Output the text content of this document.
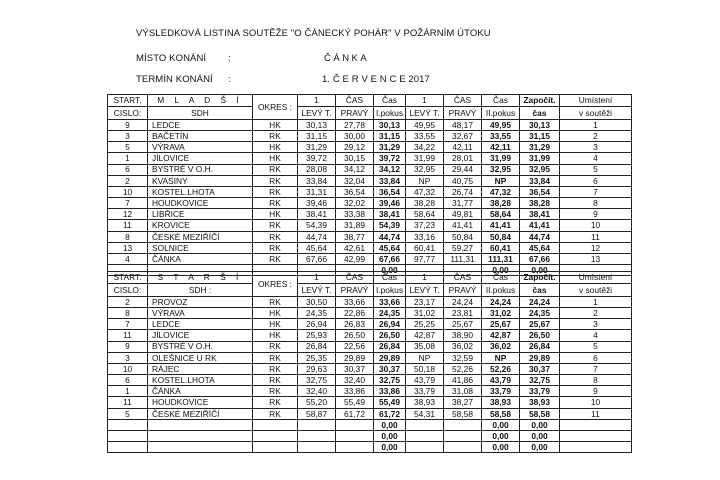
VÝSLEDKOVÁ LISTINA SOUTĚŽE "O ČÁNECKÝ POHÁR" V POŽÁRNÍM ÚTOKU
MÍSTO KONÁNÍ :	ČÁNKA
TERMÍN KONÁNÍ :	1. Č E R V E N C E 2017
START.	M L A D Š Í	OKRES :	1	ČAS	Čas	1	ČAS	Čas	Započít.	Umístení
CISLO:	SDH		LEVÝ T.	PRAVÝ	I.pokus	LEVÝ T.	PRAVÝ	II.pokus	čas	v soutěži
9	LEDCE	HK	30,13	27,78	30,13	49,95	48,17	49,95	30,13	1
3	BAČETÍN	RK	31,15	30,00	31,15	33,55	32,67	33,55	31,15	2
5	VÝRAVA	HK	31,29	29,12	31,29	34,22	42,11	42,11	31,29	3
1	JÍLOVICE	HK	39,72	30,15	39,72	31,99	28,01	31,99	31,99	4
6	BYSTRÉ V O.H.	RK	28,08	34,12	34,12	32,95	29,44	32,95	32,95	5
2	KVASINY	RK	33,84	32,04	33,84	NP	40,75	NP	33,84	6
10	KOSTEL.LHOTA	RK	31,31	36,54	36,54	47,32	26,74	47,32	36,54	7
7	HOUDKOVICE	RK	39,46	32,02	39,46	38,28	31,77	38,28	38,28	8
12	LIBŘICE	HK	38,41	33,38	38,41	58,64	49,81	58,64	38,41	9
11	KROVICE	RK	54,39	31,89	54,39	37,23	41,41	41,41	41,41	10
8	ČESKÉ MEZIŘÍČÍ	RK	44,74	38,77	44,74	33,16	50,84	50,84	44,74	11
13	SOLNICE	RK	45,64	42,61	45,64	60,41	59,27	60,41	45,64	12
4	ČÁNKA	RK	67,66	42,99	67,66	97,77	111,31	111,31	67,66	13
					0,00			0,00	0,00	
START.	S T A R Š Í	OKRES :	1	ČAS	Čas	1	ČAS	Čas	Započít.	Umístení
CISLO:	SDH :		LEVÝ T.	PRAVÝ	I.pokus	LEVÝ T.	PRAVÝ	II.pokus	čas	v soutěži
2	PROVOZ	RK	30,50	33,66	33,66	23,17	24,24	24,24	24,24	1
8	VÝRAVA	HK	24,35	22,86	24,35	31,02	23,81	31,02	24,35	2
7	LEDCE	HK	26,94	26,83	26,94	25,25	25,67	25,67	25,67	3
11	JÍLOVICE	HK	25,93	26,50	26,50	42,87	38,90	42,87	26,50	4
9	BYSTRÉ V O.H.	RK	26,84	22,56	26,84	35,08	36,02	36,02	26,84	5
3	OLEŠNICE U RK	RK	25,35	29,89	29,89	NP	32,59	NP	29,89	6
10	RÁJEC	RK	29,63	30,37	30,37	50,18	52,26	52,26	30,37	7
6	KOSTEL.LHOTA	RK	32,75	32,40	32,75	43,79	41,86	43,79	32,75	8
1	ČÁNKA	RK	32,40	33,86	33,86	33,79	31,08	33,79	33,79	9
11	HOUDKOVICE	RK	55,20	55,49	55,49	38,93	38,27	38,93	38,93	10
5	ČESKÉ MEZIŘÍČÍ	RK	58,87	61,72	61,72	54,31	58,58	58,58	58,58	11
					0,00			0,00	0,00	
					0,00			0,00	0,00	
					0,00			0,00	0,00	
